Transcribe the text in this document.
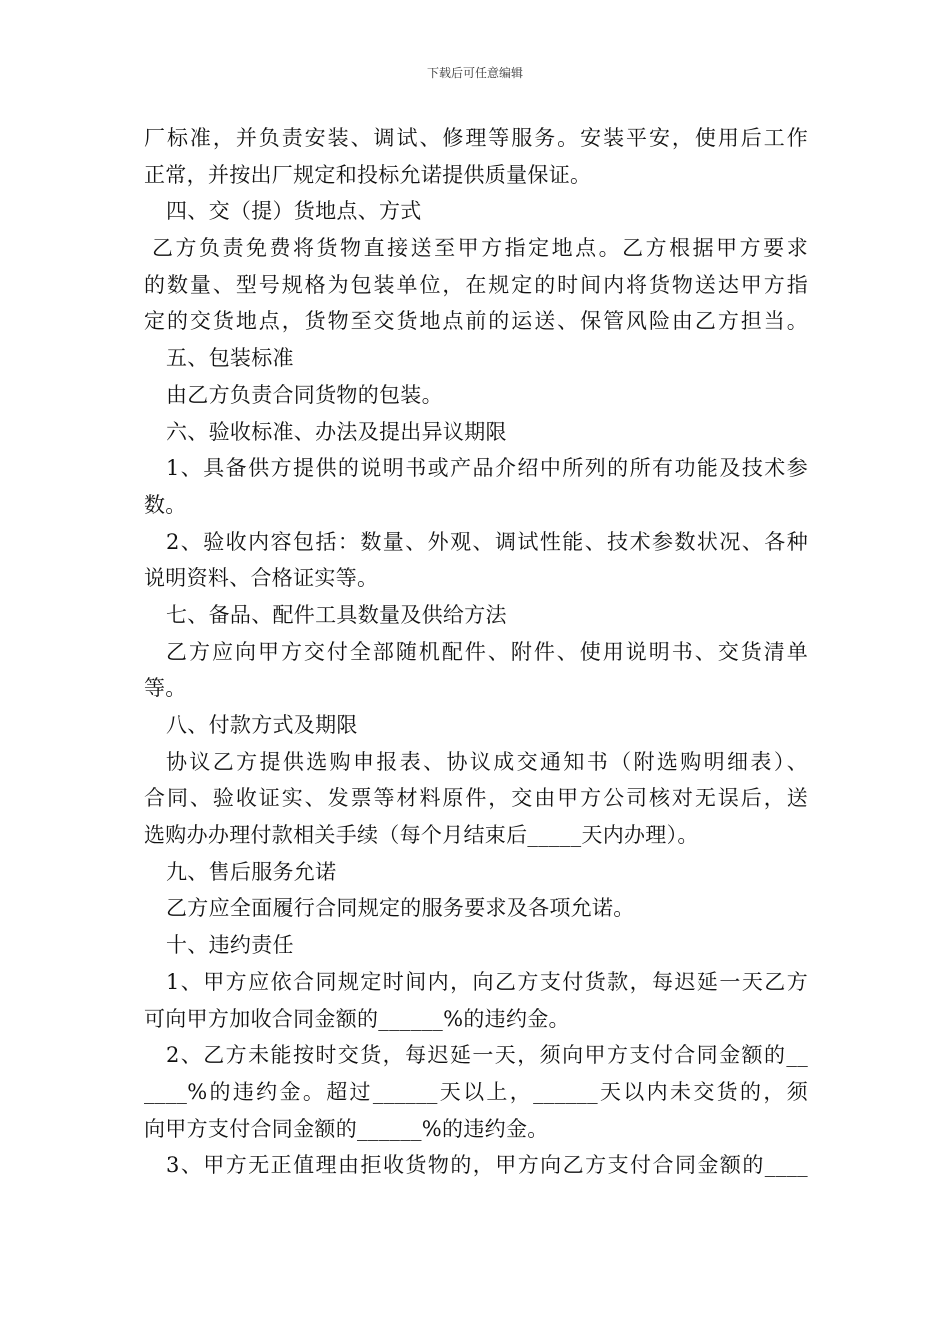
下载后可任意编辑
厂标准，并负责安装、调试、修理等服务。安装平安，使用后工作
正常，并按出厂规定和投标允诺提供质量保证。
四、交（提）货地点、方式
乙方负责免费将货物直接送至甲方指定地点。乙方根据甲方要求
的数量、型号规格为包装单位，在规定的时间内将货物送达甲方指
定的交货地点，货物至交货地点前的运送、保管风险由乙方担当。
五、包装标准
由乙方负责合同货物的包装。
六、验收标准、办法及提出异议期限
1、具备供方提供的说明书或产品介绍中所列的所有功能及技术参
数。
2、验收内容包括：数量、外观、调试性能、技术参数状况、各种
说明资料、合格证实等。
七、备品、配件工具数量及供给方法
乙方应向甲方交付全部随机配件、附件、使用说明书、交货清单
等。
八、付款方式及期限
协议乙方提供选购申报表、协议成交通知书（附选购明细表）、
合同、验收证实、发票等材料原件，交由甲方公司核对无误后，送
选购办办理付款相关手续（每个月结束后_____天内办理）。
九、售后服务允诺
乙方应全面履行合同规定的服务要求及各项允诺。
十、违约责任
1、甲方应依合同规定时间内，向乙方支付货款，每迟延一天乙方
可向甲方加收合同金额的______%的违约金。
2、乙方未能按时交货，每迟延一天，须向甲方支付合同金额的__
____%的违约金。超过______天以上，______天以内未交货的，须
向甲方支付合同金额的______%的违约金。
3、甲方无正值理由拒收货物的，甲方向乙方支付合同金额的____
